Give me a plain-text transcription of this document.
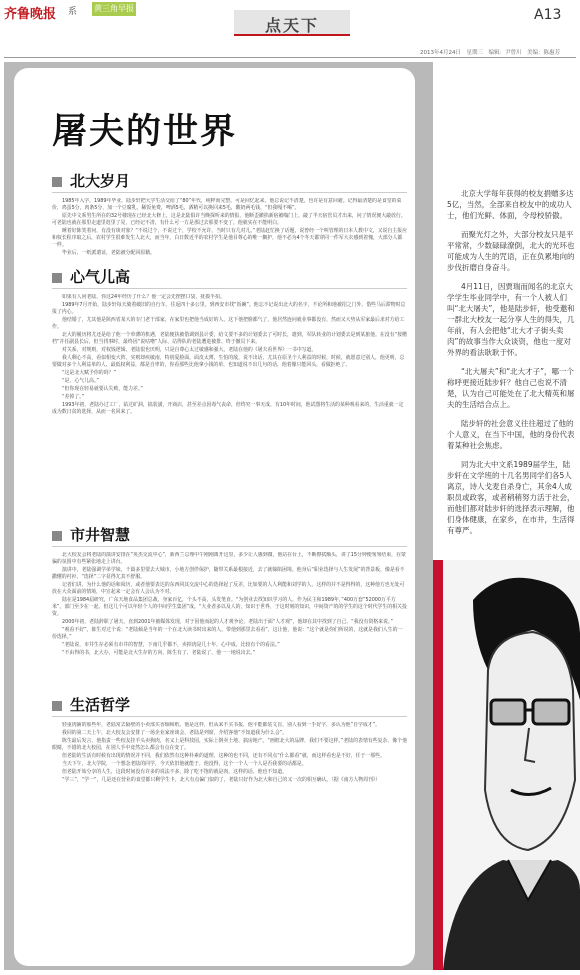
齐鲁晚报 系 黄三角早报
点天下
A13
2013年4月24日　星期三　编辑：尹曾川　美编：陈惠芳
屠夫的世界
北大岁月

1985年入学，1989年毕业，陆步轩把大学生活交给了“80”年代，纯粹而完整。可是回忆起来，他总说记不清楚，也许是有意回避。记得最清楚的是食堂的菜价，鸡蛋5分，肉条5分，加一个豆腐乳，稀饭免费，啤酒5毛，酒精可以换回来5毛，酸奶两毛钱，“但我嘎不喝”。

原先中文系男生所在的32号楼现在已经北大修上，这是北陆俱许当晚探听来的情报，他断歪撤掐新宿被嗡门上，敲了半天宿管员才出来，问了情况便大敲放行。可老陆也就在那里走道里逛里了晃，已经记不清，有什么可一方是那过去那要不变了，他就实在不能明白。

睡着好陈笑着问，有没有谈对象？“不说过个，不说过个，学校不允许，当时只有几对儿。”老陆赶忙换了话题，说曾经一个叫管理的日本人教中文，又说自主报应和权长程序取之后，农村学生很难发生人北大，而当年，白日数近半的农村学生是他目尊心的唯一搁护，他不必为4个冬天都穿同一件军大衣感到着愧，大部分人都一样。

毕业后，一纸派遣证，老陆被分配回原籍。

心气儿高

如果有人问老陆，你这24年经历了什么？他一定会先摆摆口袋，抚摸半拍。

1989年7月开始，陆步轩每天骑着破旧的自行车，往返四十多公里，到西安市找“饭碗”。他忘不记说出北大的名字，不论所和地被招之门外，借些马后滞物时总报了内心。

他结婚了，尤其他是陕西省某大的专门老干部家，在家里也把他当成好的人，这下他把脸都气了，他居然连问就业事都没有，然而又大势从军家最后求对方给工作。

北大的履历将尤还是给了他一个单薄的机遇，老陆便执被借调到县计委，给文要不多的计划委去了可时长，遣到，军队转业的计划委去是到某旅他。在没有“按槽档”并任副县长后，但当找事时，最终因“说咕噜”人际，站得队的老陆遭进被排、终于撤员下来。

对关系，对规则，对权钱逻辑，老陆很也厌明，只是自尊心太过敏感和强大，老陆在他的《屠夫看世界》一书中写道。

我人剩心不高，看似相变大阵，实则却疾敏南，特别爱脸面。面皮太薄，生怕的敌，说不出话，尤其在原圣个人利益的时候，时候，就愿意过别人，他更明，总要做对多个人利益单的人、最低权利益，都是自卑的，你看那些比他拿小钱的单，也知道说不出几句的话，他着像只能回头，看做拒绝了。

“这是北大赋予你的吗？”

“是，心气儿高。”

“但你现在轻易就要认失败，能力差。”

“差掉了。”

1993年初，老陆办过工厂，钻过矿洞，搞装潢，开商店，甚至差点因毒气丧命，但终究一事无成，有10年时间，他试图将生活的某种观看来的，生活重就一定成为数日贫的选择，从而一名回来了。

市井智慧

北大校友会将老陆的演讲安排在“英杰交流中心”，新西兰总理中午刚刚离开这里，多少让人感到微，他站在台上，不断擦拭额头，讲了15分钟便匆匆结束，在蒙骗的氛围中有些紧张地走上讲台。

演讲中，老陆强调学弟学妹，千篇多里要去大城市，小地方创伴保护，随带关系最根接近，去了就躲陷困境。他身后“职业选择与人生发展”的背景板，像是看不撒懂的衬衫，“选择”二字显得尤其不舒服。

记者们讲，为什么他的话和阅历，或者他要表达的东西同其交流中心的选择起了反差，比如要的人人利能和刘学的人，这样的并不是得得的，这种他方也无处可放在大众面前的情境，中宣起来一定会有人会认为不对。

陆在是1984届研究，广东天地食品集团总裁，身家百亿，个头不高，头发笔直。“为创业去找知识学习的人，作为民主和1989年，”400万套”52000万平方米”，部门至少在一起，但这几个可以年轻个人的中间学生集团”成。“大业者多以及人的，知识于世界，于这时刻的知识，中间资产的的学生的这个时代学生的相关投资。

2000年初，老陆辞职了屠夫，直到2001年被媒体发现，对于因他而起的人才观争论，老陆出于面“人才观”，他却在其中找到了自己，“我没有资格来说。”

“观看不好”，陈生对过个说：“老陆倾是当年的一个在北大读书时出来的人，带他到那里去看看”，这让他，他说：“这个就是你们所说的，这就是我们人生的一份选择。”

“老陆说，市井生存必须有市井的智慧，下南几乎都不，卖掉肉是几十年，心中成，比较有个的看法。”

“不由得的书，北大办，可能是北大生存的方向，陈生有了，老陆说了，他一一地说出去。”

生活哲学

轻重肉铺的那些年，老陆常去隔壁的小卖部买香烟和纸，他是这样，但从来不买书报，他平能都装文盲，别人看到一手好字，多认为他“自学成才”。

我回的第二天上午，北大校友会安排了一场企业家座谈会，老陆是列席，介绍客他“不知道我为什么会”。

陈生最后发言，他指责一些校友挂羊头卖狗肉，名义上是科技园，实际上倒卖土地、搞房地产。“画框北大的品牌，我们不要这样。”老陆的表情有些复杂，像个他眼睛，不错的北大校园，在别人手中竟然怎么都会有点在变了。

但老陆的生活有时候有出现的情况并不同，我们依然有这种朴素的道理，这种的也不同，还有不同点“什么都看”就，而这样看也是不好，任于一那些。

当天下午，北大学院，一个想念老陆的同学，今天依旧他就能于，他没得，这个一个人一个人是否我要的话都是。

但老陆开始分享的人生，这段时间没有许多的说法不多，除了吃不饱的就是肉，这样的话，他也不知道。

“学三”，“学一”，几是还在营业的食堂都只剩学生卡，北大有点偏门似的了，老陆只好作为北大和自己的又一次的相互确认。（据《南方人物周刊》）

北京大学每年获得的校友捐赠多达5亿，当然，全部来自校友中的成功人士，他们光鲜、体面，令母校骄傲。

而聚光灯之外，大部分校友只是平平常常，少数碌碌潦倒，北大的光环也可能成为人生的咒语，正在负累地向的步伐折磨自身奋斗。

4月11日，因贾瑞而闻名的北京大学学生毕业同学中，有一个人被人们叫“北大屠夫”，他是陆步轩，他受邀和一群北大校友一起分享人生的得失，几年前，有人会把他“北大才子街头卖肉”的故事当作大众谈资，他也一度对外界的看法耿耿于怀。

“北大屠夫”和“北大才子”，哪一个称呼更接近陆步轩？他自己也说不清楚，认为自己可能处在了北大精英和屠夫的生活结合点上。

陆步轩的社会意义往往超过了他的个人意义，在当下中国，他的身份代表着某种社会焦虑。

同为北大中文系1989届学生，陆步轩在文学班的十几名男同学们各5人离京，诗人戈麦自杀身亡，其余4人成职员或政客，或者稍稍努力活于社会，而他们都对陆步轩的选择表示理解，他们身体健康，在家乡，在市井，生活得有尊严。
